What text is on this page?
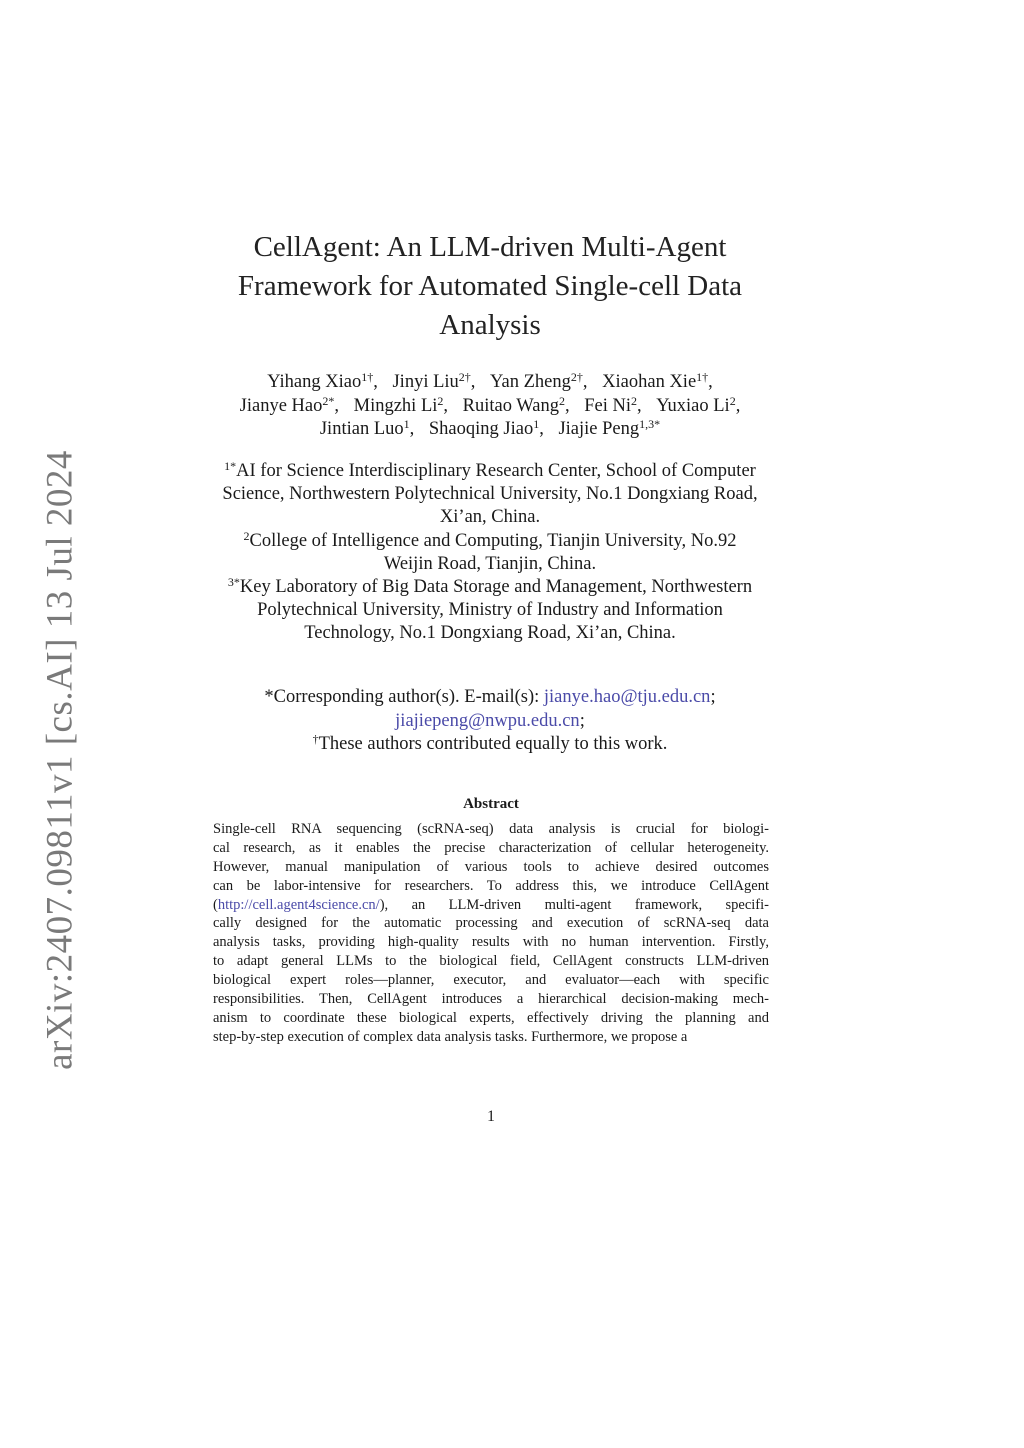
arXiv:2407.09811v1 [cs.AI] 13 Jul 2024
CellAgent: An LLM-driven Multi-Agent
Framework for Automated Single-cell Data
Analysis
Yihang Xiao$^{1\dagger}$, Jinyi Liu$^{2\dagger}$, Yan Zheng$^{2\dagger}$, Xiaohan Xie$^{1\dagger}$,
Jianye Hao$^{2*}$, Mingzhi Li$^2$, Ruitao Wang$^2$, Fei Ni$^2$, Yuxiao Li$^2$,
Jintian Luo$^1$, Shaoqing Jiao$^1$, Jiajie Peng$^{1,3*}$
$^{1*}$AI for Science Interdisciplinary Research Center, School of Computer
Science, Northwestern Polytechnical University, No.1 Dongxiang Road,
Xi’an, China.
$^2$College of Intelligence and Computing, Tianjin University, No.92
Weijin Road, Tianjin, China.
$^{3*}$Key Laboratory of Big Data Storage and Management, Northwestern
Polytechnical University, Ministry of Industry and Information
Technology, No.1 Dongxiang Road, Xi’an, China.
*Corresponding author(s). E-mail(s): jianye.hao@tju.edu.cn;
jiajiepeng@nwpu.edu.cn;
†These authors contributed equally to this work.
Abstract
Single-cell RNA sequencing (scRNA-seq) data analysis is crucial for biologi-
cal research, as it enables the precise characterization of cellular heterogeneity.
However, manual manipulation of various tools to achieve desired outcomes
can be labor-intensive for researchers. To address this, we introduce CellAgent
(http://cell.agent4science.cn/), an LLM-driven multi-agent framework, specifi-
cally designed for the automatic processing and execution of scRNA-seq data
analysis tasks, providing high-quality results with no human intervention. Firstly,
to adapt general LLMs to the biological field, CellAgent constructs LLM-driven
biological expert roles—planner, executor, and evaluator—each with specific
responsibilities. Then, CellAgent introduces a hierarchical decision-making mech-
anism to coordinate these biological experts, effectively driving the planning and
step-by-step execution of complex data analysis tasks. Furthermore, we propose a
1
